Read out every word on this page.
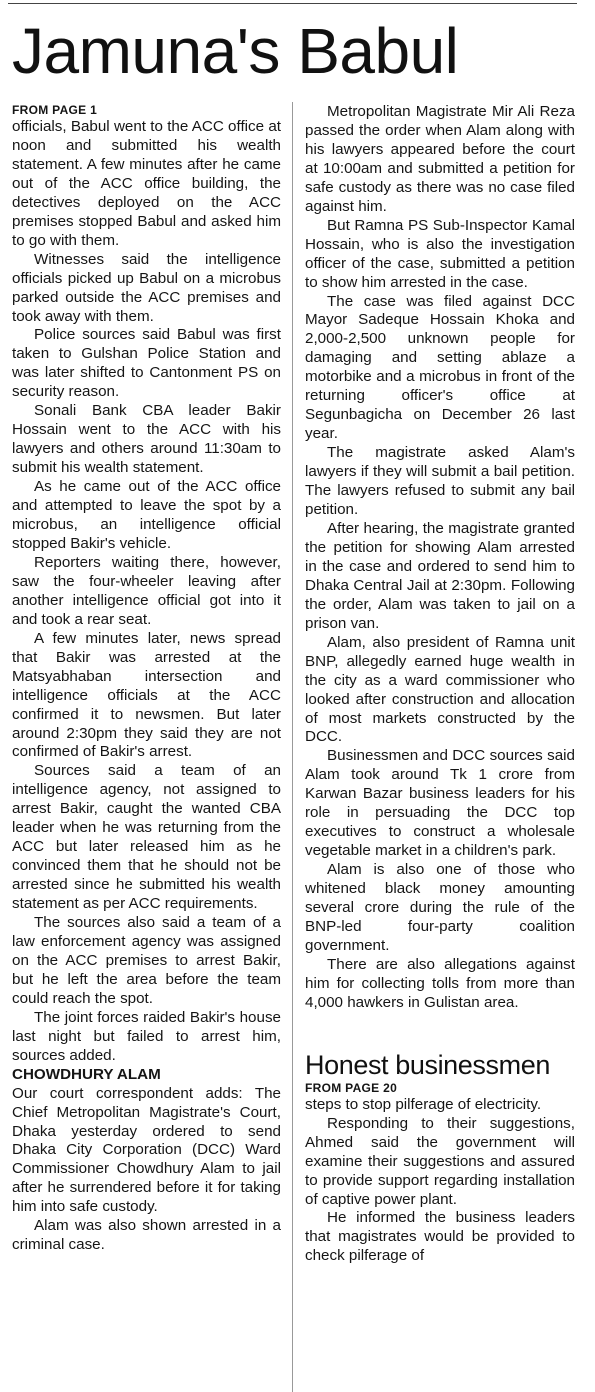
Jamuna's Babul
FROM PAGE 1

officials, Babul went to the ACC office at noon and submitted his wealth statement. A few minutes after he came out of the ACC office building, the detectives deployed on the ACC premises stopped Babul and asked him to go with them.

Witnesses said the intelligence officials picked up Babul on a microbus parked outside the ACC premises and took away with them.

Police sources said Babul was first taken to Gulshan Police Station and was later shifted to Cantonment PS on security reason.

Sonali Bank CBA leader Bakir Hossain went to the ACC with his lawyers and others around 11:30am to submit his wealth statement.

As he came out of the ACC office and attempted to leave the spot by a microbus, an intelligence official stopped Bakir's vehicle.

Reporters waiting there, however, saw the four-wheeler leaving after another intelligence official got into it and took a rear seat.

A few minutes later, news spread that Bakir was arrested at the Matsyabhaban intersection and intelligence officials at the ACC confirmed it to newsmen. But later around 2:30pm they said they are not confirmed of Bakir's arrest.

Sources said a team of an intelligence agency, not assigned to arrest Bakir, caught the wanted CBA leader when he was returning from the ACC but later released him as he convinced them that he should not be arrested since he submitted his wealth statement as per ACC requirements.

The sources also said a team of a law enforcement agency was assigned on the ACC premises to arrest Bakir, but he left the area before the team could reach the spot.

The joint forces raided Bakir's house last night but failed to arrest him, sources added.

CHOWDHURY ALAM

Our court correspondent adds: The Chief Metropolitan Magistrate's Court, Dhaka yesterday ordered to send Dhaka City Corporation (DCC) Ward Commissioner Chowdhury Alam to jail after he surrendered before it for taking him into safe custody.

Alam was also shown arrested in a criminal case.

Metropolitan Magistrate Mir Ali Reza passed the order when Alam along with his lawyers appeared before the court at 10:00am and submitted a petition for safe custody as there was no case filed against him.

But Ramna PS Sub-Inspector Kamal Hossain, who is also the investigation officer of the case, submitted a petition to show him arrested in the case.

The case was filed against DCC Mayor Sadeque Hossain Khoka and 2,000-2,500 unknown people for damaging and setting ablaze a motorbike and a microbus in front of the returning officer's office at Segunbagicha on December 26 last year.

The magistrate asked Alam's lawyers if they will submit a bail petition. The lawyers refused to submit any bail petition.

After hearing, the magistrate granted the petition for showing Alam arrested in the case and ordered to send him to Dhaka Central Jail at 2:30pm. Following the order, Alam was taken to jail on a prison van.

Alam, also president of Ramna unit BNP, allegedly earned huge wealth in the city as a ward commissioner who looked after construction and allocation of most markets constructed by the DCC.

Businessmen and DCC sources said Alam took around Tk 1 crore from Karwan Bazar business leaders for his role in persuading the DCC top executives to construct a wholesale vegetable market in a children's park.

Alam is also one of those who whitened black money amounting several crore during the rule of the BNP-led four-party coalition government.

There are also allegations against him for collecting tolls from more than 4,000 hawkers in Gulistan area.

Honest businessmen
FROM PAGE 20

steps to stop pilferage of electricity.

Responding to their suggestions, Ahmed said the government will examine their suggestions and assured to provide support regarding installation of captive power plant.

He informed the business leaders that magistrates would be provided to check pilferage of
